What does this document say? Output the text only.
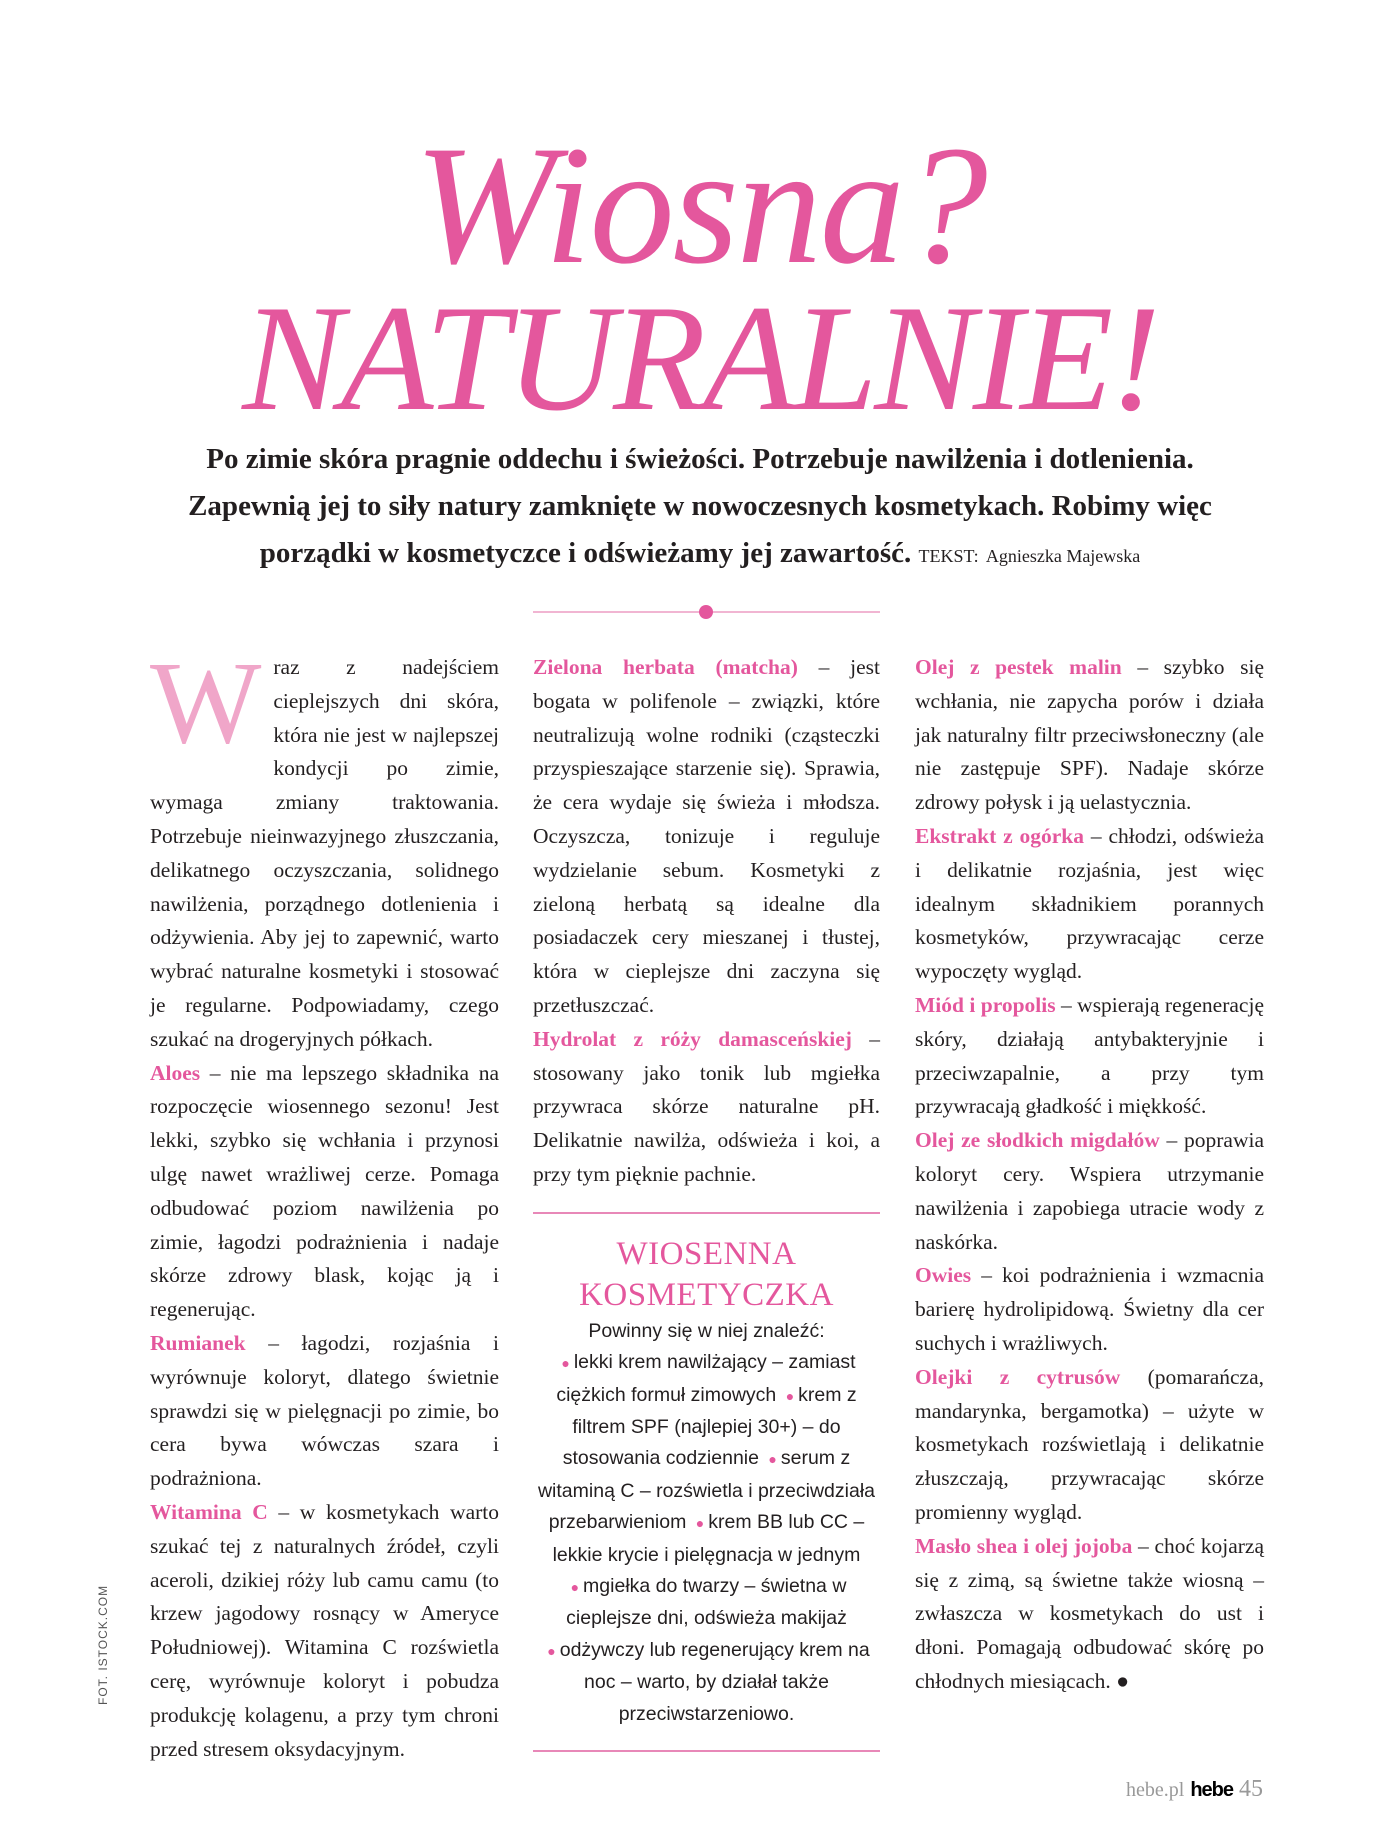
Wiosna?
NATURALNIE!
Po zimie skóra pragnie oddechu i świeżości. Potrzebuje nawilżenia i dotlenienia. Zapewnią jej to siły natury zamknięte w nowoczesnych kosmetykach. Robimy więc porządki w kosmetyczce i odświeżamy jej zawartość. TEKST: Agnieszka Majewska

Wraz z nadejściem cieplejszych dni skóra, która nie jest w najlepszej kondycji po zimie, wymaga zmiany traktowania. Potrzebuje nieinwazyjnego złuszczania, delikatnego oczyszczania, solidnego nawilżenia, porządnego dotlenienia i odżywienia. Aby jej to zapewnić, warto wybrać naturalne kosmetyki i stosować je regularne. Podpowiadamy, czego szukać na drogeryjnych półkach.

Aloes – nie ma lepszego składnika na rozpoczęcie wiosennego sezonu! Jest lekki, szybko się wchłania i przynosi ulgę nawet wrażliwej cerze. Pomaga odbudować poziom nawilżenia po zimie, łagodzi podrażnienia i nadaje skórze zdrowy blask, kojąc ją i regenerując.

Rumianek – łagodzi, rozjaśnia i wyrównuje koloryt, dlatego świetnie sprawdzi się w pielęgnacji po zimie, bo cera bywa wówczas szara i podrażniona.

Witamina C – w kosmetykach warto szukać tej z naturalnych źródeł, czyli aceroli, dzikiej róży lub camu camu (to krzew jagodowy rosnący w Ameryce Południowej). Witamina C rozświetla cerę, wyrównuje koloryt i pobudza produkcję kolagenu, a przy tym chroni przed stresem oksydacyjnym.

Zielona herbata (matcha) – jest bogata w polifenole – związki, które neutralizują wolne rodniki (cząsteczki przyspieszające starzenie się). Sprawia, że cera wydaje się świeża i młodsza. Oczyszcza, tonizuje i reguluje wydzielanie sebum. Kosmetyki z zieloną herbatą są idealne dla posiadaczek cery mieszanej i tłustej, która w cieplejsze dni zaczyna się przetłuszczać.

Hydrolat z róży damasceńskiej – stosowany jako tonik lub mgiełka przywraca skórze naturalne pH. Delikatnie nawilża, odświeża i koi, a przy tym pięknie pachnie.

WIOSENNA
KOSMETYCZKA
Powinny się w niej znaleźć:
● lekki krem nawilżający – zamiast ciężkich formuł zimowych ● krem z filtrem SPF (najlepiej 30+) – do stosowania codziennie ● serum z witaminą C – rozświetla i przeciwdziała przebarwieniom ● krem BB lub CC – lekkie krycie i pielęgnacja w jednym ● mgiełka do twarzy – świetna w cieplejsze dni, odświeża makijaż ● odżywczy lub regenerujący krem na noc – warto, by działał także przeciwstarzeniowo.

Olej z pestek malin – szybko się wchłania, nie zapycha porów i działa jak naturalny filtr przeciwsłoneczny (ale nie zastępuje SPF). Nadaje skórze zdrowy połysk i ją uelastycznia.

Ekstrakt z ogórka – chłodzi, odświeża i delikatnie rozjaśnia, jest więc idealnym składnikiem porannych kosmetyków, przywracając cerze wypoczęty wygląd.

Miód i propolis – wspierają regenerację skóry, działają antybakteryjnie i przeciwzapalnie, a przy tym przywracają gładkość i miękkość.

Olej ze słodkich migdałów – poprawia koloryt cery. Wspiera utrzymanie nawilżenia i zapobiega utracie wody z naskórka.

Owies – koi podrażnienia i wzmacnia barierę hydrolipidową. Świetny dla cer suchych i wrażliwych.

Olejki z cytrusów (pomarańcza, mandarynka, bergamotka) – użyte w kosmetykach rozświetlają i delikatnie złuszczają, przywracając skórze promienny wygląd.

Masło shea i olej jojoba – choć kojarzą się z zimą, są świetne także wiosną – zwłaszcza w kosmetykach do ust i dłoni. Pomagają odbudować skórę po chłodnych miesiącach. ●

FOT. ISTOCK.COM
hebe.pl hebe 45
